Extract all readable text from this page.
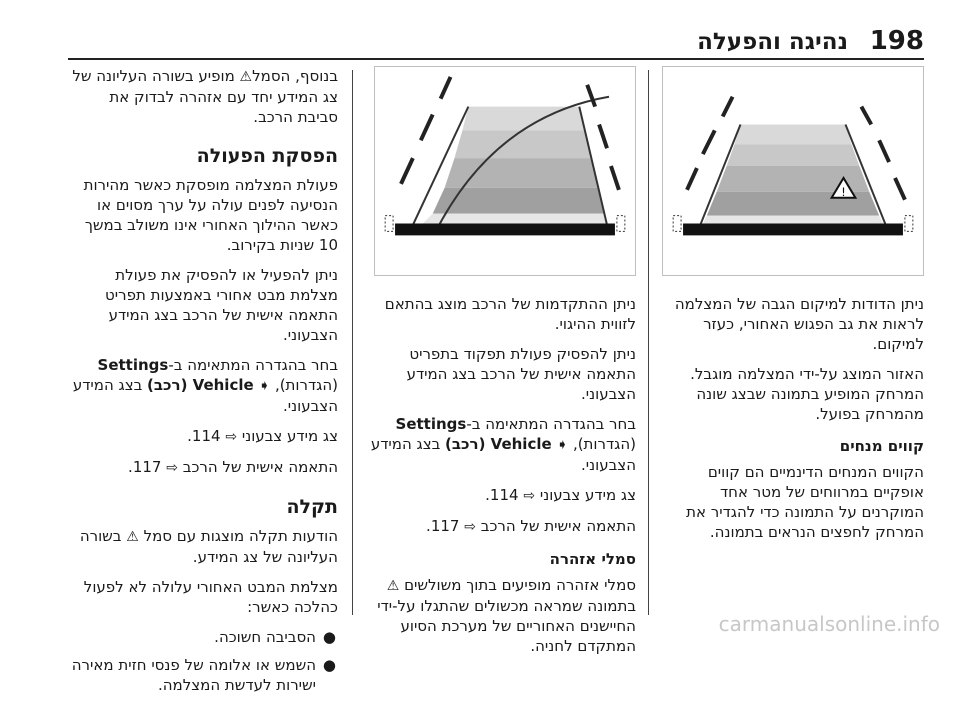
198
נהיגה והפעלה
!

ניתן הדודות למיקום הגבה של המצלמה לראות את גב הפגוש האחורי, כעזר למיקום.

האזור המוצג על-ידי המצלמה מוגבל. המרחק המופיע בתמונה שבצג שונה מהמרחק בפועל.

קווים מנחים

הקווים המנחים הדינמיים הם קווים אופקיים במרווחים של מטר אחד המוקרנים על התמונה כדי להגדיר את המרחק לחפצים הנראים בתמונה.

ניתן ההתקדמות של הרכב מוצג בהתאם לזווית ההיגוי.

ניתן להפסיק פעולת תפקוד בתפריט התאמה אישית של הרכב בצג המידע הצבעוני.

בחר בהגדרה המתאימה ב-Settings (הגדרות), ➧ Vehicle (רכב) בצג המידע הצבעוני.

צג מידע צבעוני ⇨ 114.

התאמה אישית של הרכב ⇨ 117.

סמלי אזהרה

סמלי אזהרה מופיעים בתוך משולשים ⚠ בתמונה שמראה מכשולים שהתגלו על-ידי החיישנים האחוריים של מערכת הסיוע המתקדם לחניה.

בנוסף, הסמל⚠ מופיע בשורה העליונה של צג המידע יחד עם אזהרה לבדוק את סביבת הרכב.

הפסקת הפעולה

פעולת המצלמה מופסקת כאשר מהירות הנסיעה לפנים עולה על ערך מסוים או כאשר ההילוך האחורי אינו משולב במשך 10 שניות בקירוב.

ניתן להפעיל או להפסיק את פעולת מצלמת מבט אחורי באמצעות תפריט התאמה אישית של הרכב בצג המידע הצבעוני.

בחר בהגדרה המתאימה ב-Settings (הגדרות), ➧ Vehicle (רכב) בצג המידע הצבעוני.

צג מידע צבעוני ⇨ 114.

התאמה אישית של הרכב ⇨ 117.

תקלה

הודעות תקלה מוצגות עם סמל ⚠ בשורה העליונה של צג המידע.

מצלמת המבט האחורי עלולה לא לפעול כהלכה כאשר:

●
הסביבה חשוכה.
●
השמש או אלומה של פנסי חזית מאירה ישירות לעדשת המצלמה.
carmanualsonline.info
